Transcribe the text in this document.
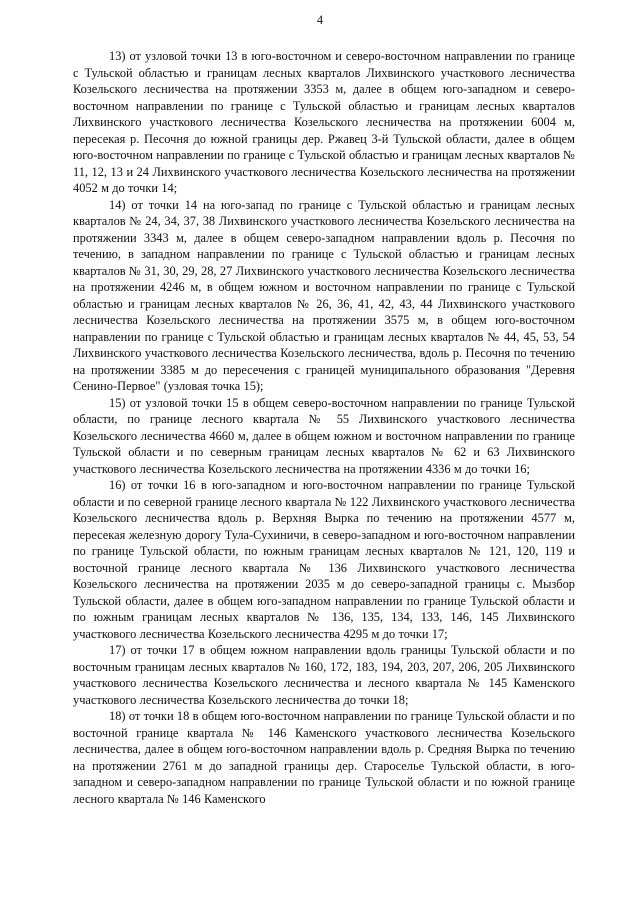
4

13) от узловой точки 13 в юго-восточном и северо-восточном направлении по границе с Тульской областью и границам лесных кварталов Лихвинского участкового лесничества Козельского лесничества на протяжении 3353 м, далее в общем юго-западном и северо-восточном направлении по границе с Тульской областью и границам лесных кварталов Лихвинского участкового лесничества Козельского лесничества на протяжении 6004 м, пересекая р. Песочня до южной границы дер. Ржавец 3-й Тульской области, далее в общем юго-восточном направлении по границе с Тульской областью и границам лесных кварталов № 11, 12, 13 и 24 Лихвинского участкового лесничества Козельского лесничества на протяжении 4052 м до точки 14;

14) от точки 14 на юго-запад по границе с Тульской областью и границам лесных кварталов № 24, 34, 37, 38 Лихвинского участкового лесничества Козельского лесничества на протяжении 3343 м, далее в общем северо-западном направлении вдоль р. Песочня по течению, в западном направлении по границе с Тульской областью и границам лесных кварталов № 31, 30, 29, 28, 27 Лихвинского участкового лесничества Козельского лесничества на протяжении 4246 м, в общем южном и восточном направлении по границе с Тульской областью и границам лесных кварталов № 26, 36, 41, 42, 43, 44 Лихвинского участкового лесничества Козельского лесничества на протяжении 3575 м, в общем юго-восточном направлении по границе с Тульской областью и границам лесных кварталов № 44, 45, 53, 54 Лихвинского участкового лесничества Козельского лесничества, вдоль р. Песочня по течению на протяжении 3385 м до пересечения с границей муниципального образования "Деревня Сенино-Первое" (узловая точка 15);

15) от узловой точки 15 в общем северо-восточном направлении по границе Тульской области, по границе лесного квартала № 55 Лихвинского участкового лесничества Козельского лесничества 4660 м, далее в общем южном и восточном направлении по границе Тульской области и по северным границам лесных кварталов № 62 и 63 Лихвинского участкового лесничества Козельского лесничества на протяжении 4336 м до точки 16;

16) от точки 16 в юго-западном и юго-восточном направлении по границе Тульской области и по северной границе лесного квартала № 122 Лихвинского участкового лесничества Козельского лесничества вдоль р. Верхняя Выркa по течению на протяжении 4577 м, пересекая железную дорогу Тула-Сухиничи, в северо-западном и юго-восточном направлении по границе Тульской области, по южным границам лесных кварталов № 121, 120, 119 и восточной границе лесного квартала № 136 Лихвинского участкового лесничества Козельского лесничества на протяжении 2035 м до северо-западной границы с. Мызбор Тульской области, далее в общем юго-западном направлении по границе Тульской области и по южным границам лесных кварталов № 136, 135, 134, 133, 146, 145 Лихвинского участкового лесничества Козельского лесничества 4295 м до точки 17;

17) от точки 17 в общем южном направлении вдоль границы Тульской области и по восточным границам лесных кварталов № 160, 172, 183, 194, 203, 207, 206, 205 Лихвинского участкового лесничества Козельского лесничества и лесного квартала № 145 Каменского участкового лесничества Козельского лесничества до точки 18;

18) от точки 18 в общем юго-восточном направлении по границе Тульской области и по восточной границе квартала № 146 Каменского участкового лесничества Козельского лесничества, далее в общем юго-восточном направлении вдоль р. Средняя Вырка по течению на протяжении 2761 м до западной границы дер. Старoселье Тульской области, в юго-западном и северо-западном направлении по границе Тульской области и по южной границе лесного квартала № 146 Каменского
